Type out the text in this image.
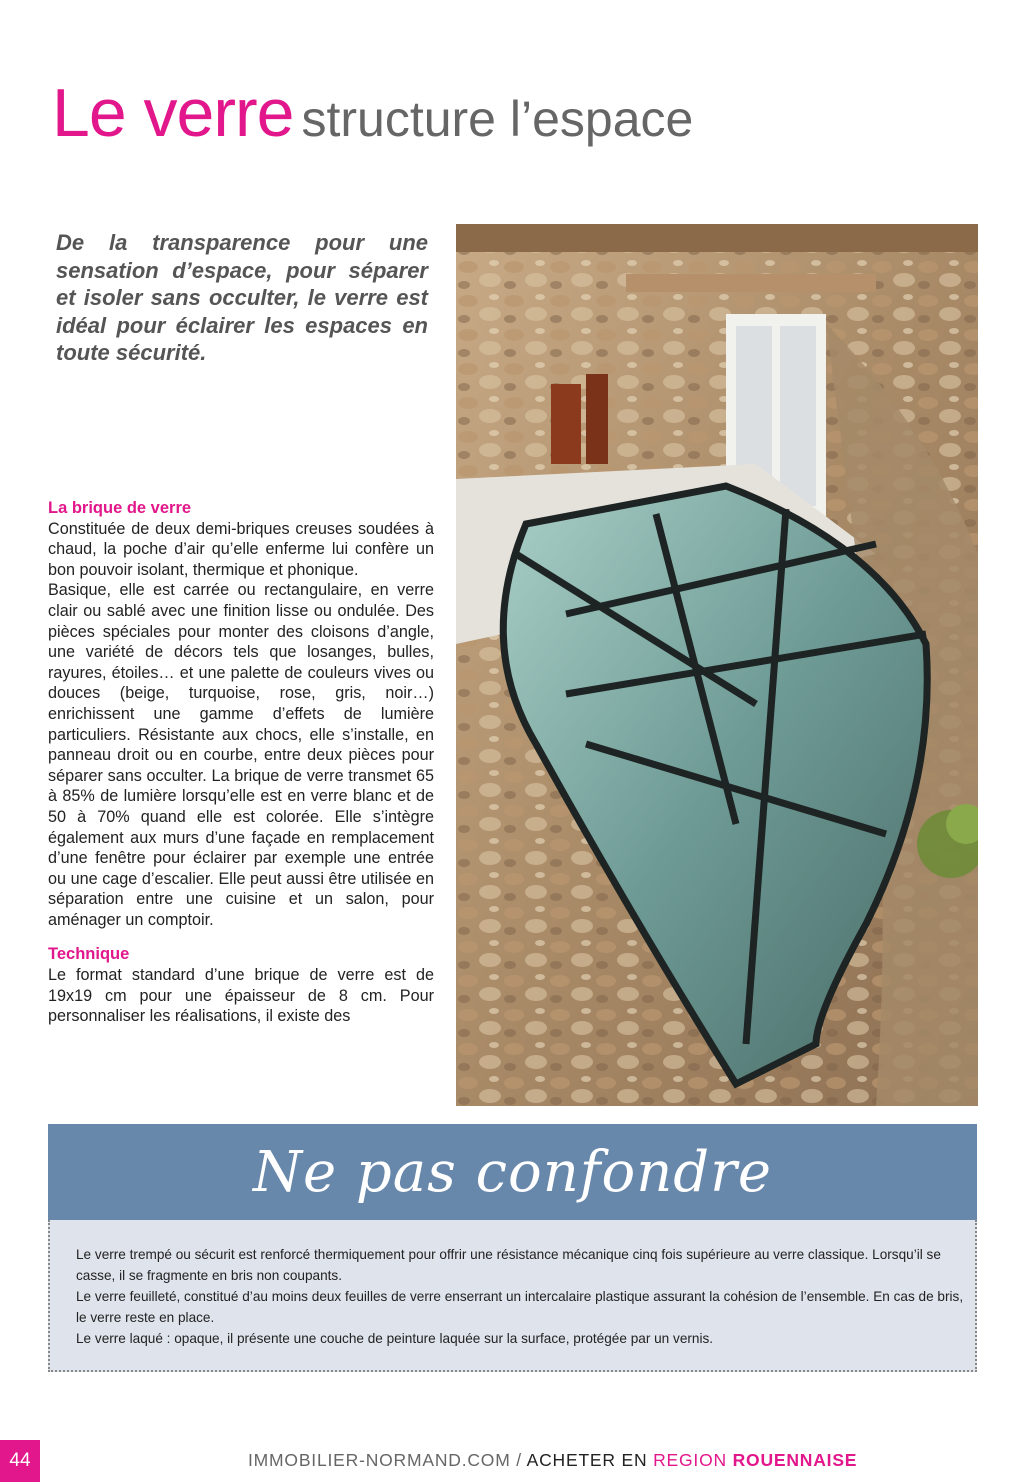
Le verre structure l’espace
De la transparence pour une sensation d’espace, pour séparer et isoler sans occulter, le verre est idéal pour éclairer les espaces en toute sécurité.
La brique de verre

Constituée de deux demi-briques creuses soudées à chaud, la poche d’air qu’elle enferme lui confère un bon pouvoir isolant, thermique et phonique.

Basique, elle est carrée ou rectangulaire, en verre clair ou sablé avec une finition lisse ou ondulée. Des pièces spéciales pour monter des cloisons d’angle, une variété de décors tels que losanges, bulles, rayures, étoiles… et une palette de couleurs vives ou douces (beige, turquoise, rose, gris, noir…) enrichissent une gamme d’effets de lumière particuliers. Résistante aux chocs, elle s’installe, en panneau droit ou en courbe, entre deux pièces pour séparer sans occulter. La brique de verre transmet 65 à 85% de lumière lorsqu’elle est en verre blanc et de 50 à 70% quand elle est colorée. Elle s’intègre également aux murs d’une façade en remplacement d’une fenêtre pour éclairer par exemple une entrée ou une cage d’escalier. Elle peut aussi être utilisée en séparation entre une cuisine et un salon, pour aménager un comptoir.

Technique

Le format standard d’une brique de verre est de 19x19 cm pour une épaisseur de 8 cm. Pour personnaliser les réalisations, il existe des

Ne pas confondre

Le verre trempé ou sécurit est renforcé thermiquement pour offrir une résistance mécanique cinq fois supérieure au verre classique. Lorsqu’il se casse, il se fragmente en bris non coupants.

Le verre feuilleté, constitué d’au moins deux feuilles de verre enserrant un intercalaire plastique assurant la cohésion de l’ensemble. En cas de bris, le verre reste en place.

Le verre laqué : opaque, il présente une couche de peinture laquée sur la surface, protégée par un vernis.

44	IMMOBILIER-NORMAND.COM / ACHETER EN REGION ROUENNAISE
